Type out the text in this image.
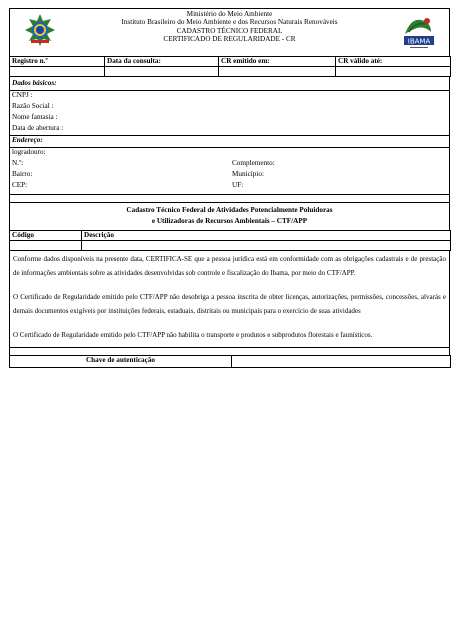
Ministério do Meio Ambiente
Instituto Brasileiro do Meio Ambiente e dos Recursos Naturais Renováveis
CADASTRO TÉCNICO FEDERAL
CERTIFICADO DE REGULARIDADE - CR	IBAMA
Registro n.º	Data da consulta:	CR emitido em:	CR válido até:

Dados básicos:
CNPJ :
Razão Social :
Nome fantasia :
Data de abertura :
Endereço:
logradouro:
N.º:	Complemento:
Bairro:	Município:
CEP:	UF:
Cadastro Técnico Federal de Atividades Potencialmente Poluidoras
e Utilizadoras de Recursos Ambientais – CTF/APP
Código	Descrição

Conforme dados disponíveis na presente data, CERTIFICA-SE que a pessoa jurídica está em conformidade com as obrigações cadastrais e de prestação de informações ambientais sobre as atividades desenvolvidas sob controle e fiscalização do Ibama, por meio do CTF/APP.

O Certificado de Regularidade emitido pelo CTF/APP não desobriga a pessoa inscrita de obter licenças, autorizações, permissões, concessões, alvarás e demais documentos exigíveis por instituições federais, estaduais, distritais ou municipais para o exercício de suas atividades

O Certificado de Regularidade emitido pelo CTF/APP não habilita o transporte e produtos e subprodutos florestais e faunísticos.

Chave de autenticação	
